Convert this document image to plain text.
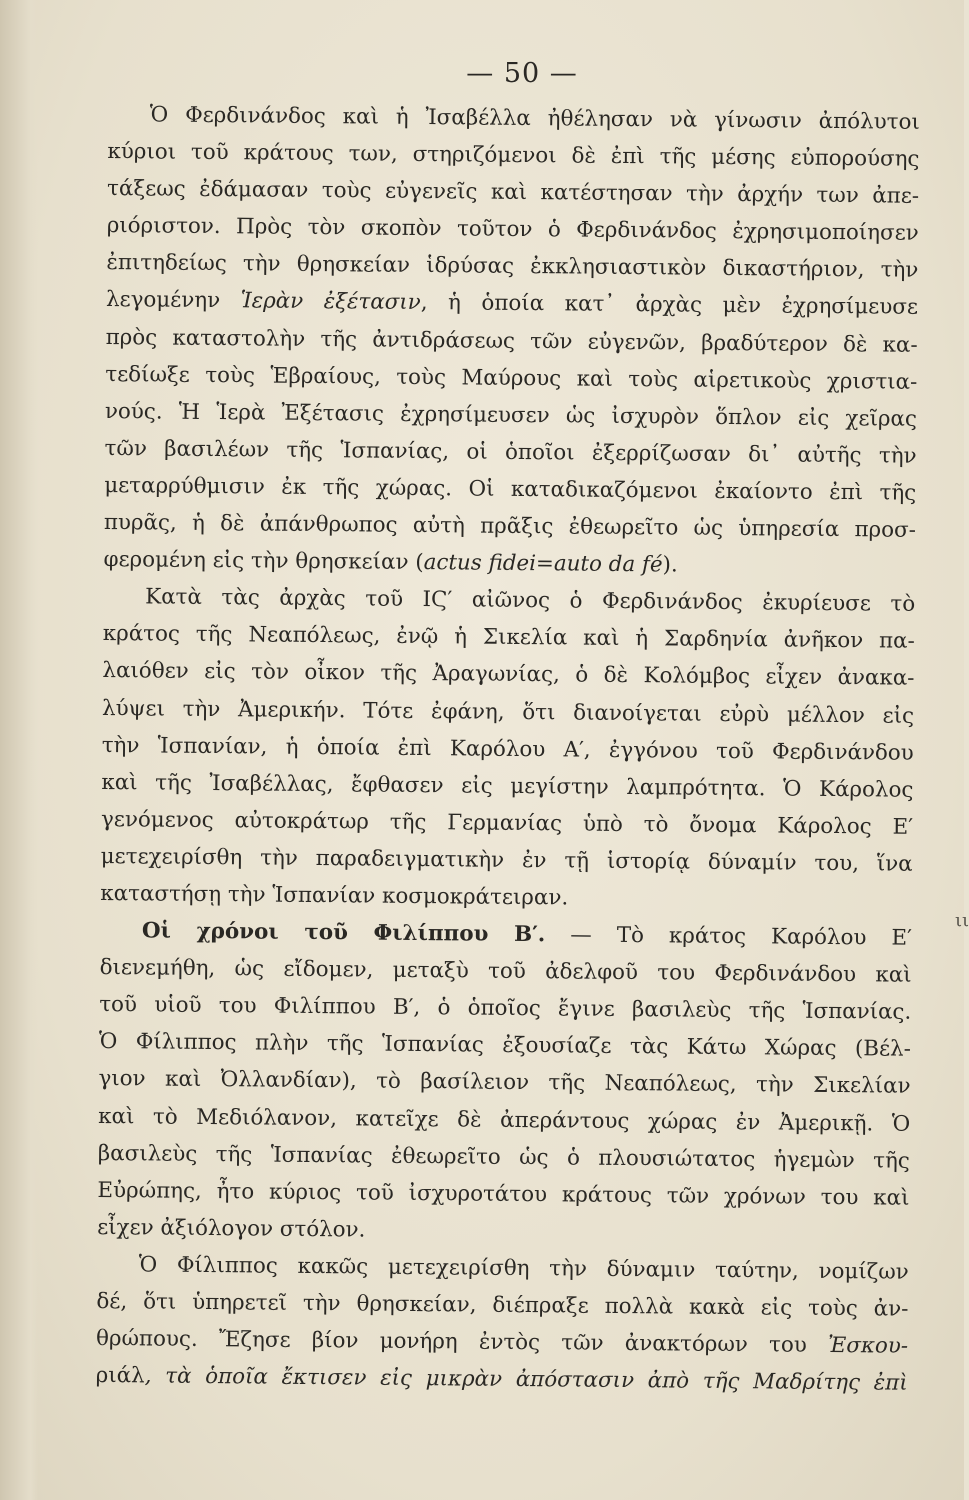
— 50 —
Ὁ Φερδινάνδος καὶ ἡ Ἰσαβέλλα ἠθέλησαν νὰ γίνωσιν ἀπόλυτοι
κύριοι τοῦ κράτους των, στηριζόμενοι δὲ ἐπὶ τῆς μέσης εὐπορούσης
τάξεως ἐδάμασαν τοὺς εὐγενεῖς καὶ κατέστησαν τὴν ἀρχήν των ἀπε-
ριόριστον. Πρὸς τὸν σκοπὸν τοῦτον ὁ Φερδινάνδος ἐχρησιμοποίησεν
ἐπιτηδείως τὴν θρησκείαν ἱδρύσας ἐκκλησιαστικὸν δικαστήριον, τὴν
λεγομένην Ἱερὰν ἐξέτασιν, ἡ ὁποία κατ᾽ ἀρχὰς μὲν ἐχρησίμευσε
πρὸς καταστολὴν τῆς ἀντιδράσεως τῶν εὐγενῶν, βραδύτερον δὲ κα-
τεδίωξε τοὺς Ἑβραίους, τοὺς Μαύρους καὶ τοὺς αἱρετικοὺς χριστια-
νούς. Ἡ Ἱερὰ Ἐξέτασις ἐχρησίμευσεν ὡς ἰσχυρὸν ὅπλον εἰς χεῖρας
τῶν βασιλέων τῆς Ἱσπανίας, οἱ ὁποῖοι ἐξερρίζωσαν δι᾽ αὐτῆς τὴν
μεταρρύθμισιν ἐκ τῆς χώρας. Οἱ καταδικαζόμενοι ἐκαίοντο ἐπὶ τῆς
πυρᾶς, ἡ δὲ ἀπάνθρωπος αὐτὴ πρᾶξις ἐθεωρεῖτο ὡς ὑπηρεσία προσ-
φερομένη εἰς τὴν θρησκείαν (actus fidei=auto da fé).
Κατὰ τὰς ἀρχὰς τοῦ ΙϚ′ αἰῶνος ὁ Φερδινάνδος ἐκυρίευσε τὸ
κράτος τῆς Νεαπόλεως, ἐνῷ ἡ Σικελία καὶ ἡ Σαρδηνία ἀνῆκον πα-
λαιόθεν εἰς τὸν οἶκον τῆς Ἀραγωνίας, ὁ δὲ Κολόμβος εἶχεν ἀνακα-
λύψει τὴν Ἀμερικήν. Τότε ἐφάνη, ὅτι διανοίγεται εὐρὺ μέλλον εἰς
τὴν Ἱσπανίαν, ἡ ὁποία ἐπὶ Καρόλου Α′, ἐγγόνου τοῦ Φερδινάνδου
καὶ τῆς Ἰσαβέλλας, ἔφθασεν εἰς μεγίστην λαμπρότητα. Ὁ Κάρολος
γενόμενος αὐτοκράτωρ τῆς Γερμανίας ὑπὸ τὸ ὄνομα Κάρολος Ε′
μετεχειρίσθη τὴν παραδειγματικὴν ἐν τῇ ἱστορίᾳ δύναμίν του, ἵνα
καταστήσῃ τὴν Ἱσπανίαν κοσμοκράτειραν.
Οἱ χρόνοι τοῦ Φιλίππου Β′. — Τὸ κράτος Καρόλου Ε′
διενεμήθη, ὡς εἴδομεν, μεταξὺ τοῦ ἀδελφοῦ του Φερδινάνδου καὶ
τοῦ υἱοῦ του Φιλίππου Β′, ὁ ὁποῖος ἔγινε βασιλεὺς τῆς Ἱσπανίας.
Ὁ Φίλιππος πλὴν τῆς Ἱσπανίας ἐξουσίαζε τὰς Κάτω Χώρας (Βέλ-
γιον καὶ Ὀλλανδίαν), τὸ βασίλειον τῆς Νεαπόλεως, τὴν Σικελίαν
καὶ τὸ Μεδιόλανον, κατεῖχε δὲ ἀπεράντους χώρας ἐν Ἀμερικῇ. Ὁ
βασιλεὺς τῆς Ἱσπανίας ἐθεωρεῖτο ὡς ὁ πλουσιώτατος ἡγεμὼν τῆς
Εὐρώπης, ἦτο κύριος τοῦ ἰσχυροτάτου κράτους τῶν χρόνων του καὶ
εἶχεν ἀξιόλογον στόλον.
Ὁ Φίλιππος κακῶς μετεχειρίσθη τὴν δύναμιν ταύτην, νομίζων
δέ, ὅτι ὑπηρετεῖ τὴν θρησκείαν, διέπραξε πολλὰ κακὰ εἰς τοὺς ἀν-
θρώπους. Ἔζησε βίον μονήρη ἐντὸς τῶν ἀνακτόρων του Ἐσκου-
ριάλ, τὰ ὁποῖα ἔκτισεν εἰς μικρὰν ἀπόστασιν ἀπὸ τῆς Μαδρίτης ἐπὶ
ιι
